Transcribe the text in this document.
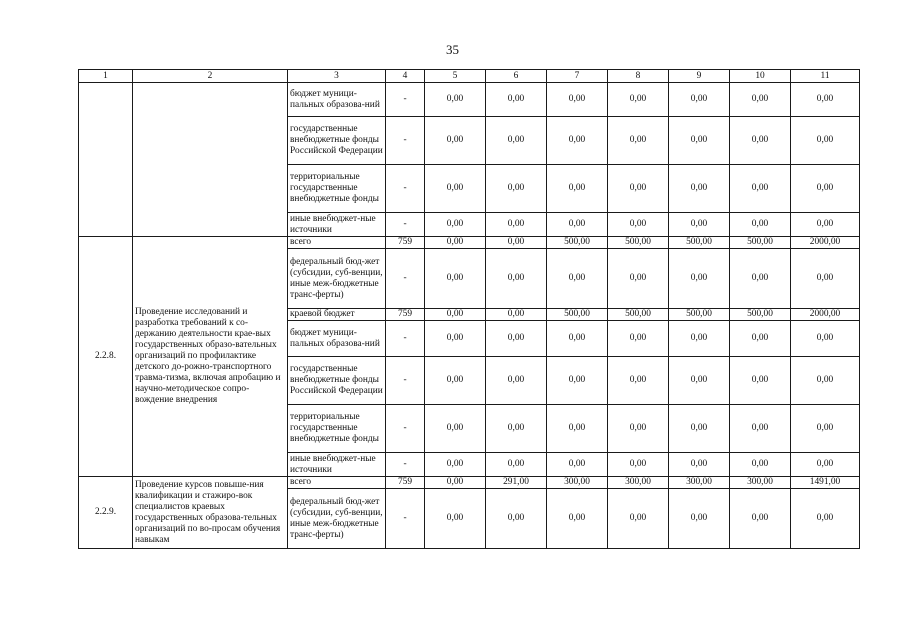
35
1	2	3	4	5	6	7	8	9	10	11
		бюджет муници-пальных образова-ний	-	0,00	0,00	0,00	0,00	0,00	0,00	0,00
		государственные внебюджетные фонды Российской Федерации	-	0,00	0,00	0,00	0,00	0,00	0,00	0,00
		территориальные государственные внебюджетные фонды	-	0,00	0,00	0,00	0,00	0,00	0,00	0,00
		иные внебюджет-ные источники	-	0,00	0,00	0,00	0,00	0,00	0,00	0,00
2.2.8.	Проведение исследований и разработка требований к со-держанию деятельности крае-вых государственных образо-вательных организаций по профилактике детского до-рожно-транспортного травма-тизма, включая апробацию и научно-методическое сопро-вождение внедрения	всего	759	0,00	0,00	500,00	500,00	500,00	500,00	2000,00
		федеральный бюд-жет (субсидии, суб-венции, иные меж-бюджетные транс-ферты)	-	0,00	0,00	0,00	0,00	0,00	0,00	0,00
		краевой бюджет	759	0,00	0,00	500,00	500,00	500,00	500,00	2000,00
		бюджет муници-пальных образова-ний	-	0,00	0,00	0,00	0,00	0,00	0,00	0,00
		государственные внебюджетные фонды Российской Федерации	-	0,00	0,00	0,00	0,00	0,00	0,00	0,00
		территориальные государственные внебюджетные фонды	-	0,00	0,00	0,00	0,00	0,00	0,00	0,00
		иные внебюджет-ные источники	-	0,00	0,00	0,00	0,00	0,00	0,00	0,00
2.2.9.	Проведение курсов повыше-ния квалификации и стажиро-вок специалистов краевых государственных образова-тельных организаций по во-просам обучения навыкам	всего	759	0,00	291,00	300,00	300,00	300,00	300,00	1491,00
		федеральный бюд-жет (субсидии, суб-венции, иные меж-бюджетные транс-ферты)	-	0,00	0,00	0,00	0,00	0,00	0,00	0,00
